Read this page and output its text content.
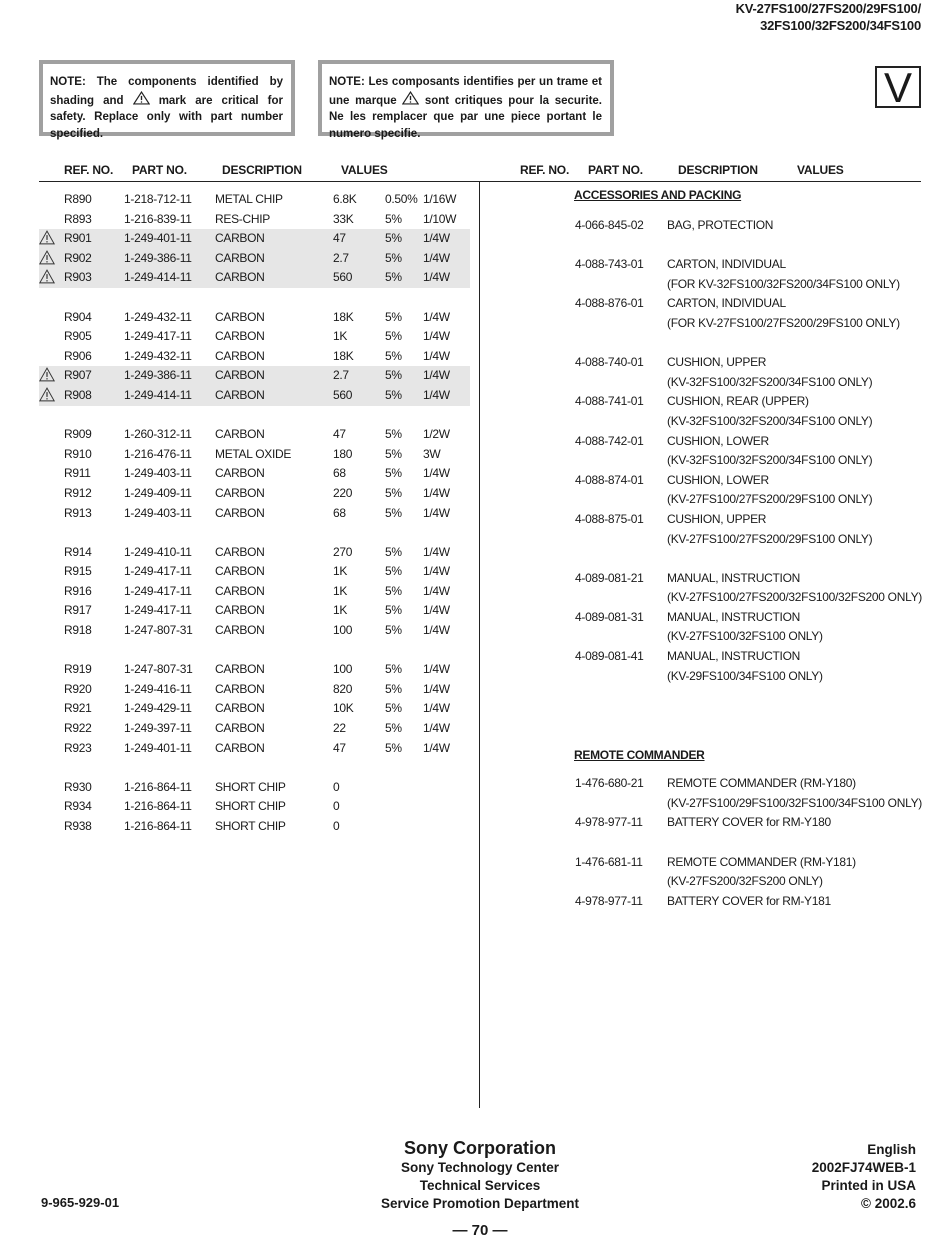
KV-27FS100/27FS200/29FS100/
32FS100/32FS200/34FS100
NOTE: The components identified by shading and  mark are critical for safety. Replace only with part number specified.
NOTE: Les composants identifies per un trame et une marque  sont critiques pour la securite. Ne les remplacer que par une piece portant le numero specifie.
V
REF. NO. PART NO.	DESCRIPTION	VALUES	REF. NO. PART NO.	DESCRIPTION	VALUES
R890	1-218-712-11 METAL CHIP	6.8K 0.50% 1/16W
R893	1-216-839-11 RES-CHIP	33K	5% 1/10W
R901	1-249-401-11 CARBON	47	5% 1/4W
R902	1-249-386-11 CARBON	2.7	5% 1/4W
R903	1-249-414-11 CARBON	560	5% 1/4W
R904	1-249-432-11 CARBON	18K	5% 1/4W
R905	1-249-417-11 CARBON	1K	5% 1/4W
R906	1-249-432-11 CARBON	18K	5% 1/4W
R907	1-249-386-11 CARBON	2.7	5% 1/4W
R908	1-249-414-11 CARBON	560	5% 1/4W
R909	1-260-312-11 CARBON	47	5% 1/2W
R910	1-216-476-11 METAL OXIDE	180	5% 3W
R911	1-249-403-11 CARBON	68	5% 1/4W
R912	1-249-409-11 CARBON	220	5% 1/4W
R913	1-249-403-11 CARBON	68	5% 1/4W
R914	1-249-410-11 CARBON	270	5% 1/4W
R915	1-249-417-11 CARBON	1K	5% 1/4W
R916	1-249-417-11 CARBON	1K	5% 1/4W
R917	1-249-417-11 CARBON	1K	5% 1/4W
R918	1-247-807-31 CARBON	100	5% 1/4W
R919	1-247-807-31 CARBON	100	5% 1/4W
R920	1-249-416-11 CARBON	820	5% 1/4W
R921	1-249-429-11 CARBON	10K	5% 1/4W
R922	1-249-397-11 CARBON	22	5% 1/4W
R923	1-249-401-11 CARBON	47	5% 1/4W
R930	1-216-864-11 SHORT CHIP	0
R934	1-216-864-11 SHORT CHIP	0
R938	1-216-864-11 SHORT CHIP	0
ACCESSORIES AND PACKING
4-066-845-02 BAG, PROTECTION
4-088-743-01 CARTON, INDIVIDUAL
(FOR KV-32FS100/32FS200/34FS100 ONLY)
4-088-876-01 CARTON, INDIVIDUAL
(FOR KV-27FS100/27FS200/29FS100 ONLY)
4-088-740-01 CUSHION, UPPER
(KV-32FS100/32FS200/34FS100 ONLY)
4-088-741-01 CUSHION, REAR (UPPER)
(KV-32FS100/32FS200/34FS100 ONLY)
4-088-742-01 CUSHION, LOWER
(KV-32FS100/32FS200/34FS100 ONLY)
4-088-874-01 CUSHION, LOWER
(KV-27FS100/27FS200/29FS100 ONLY)
4-088-875-01 CUSHION, UPPER
(KV-27FS100/27FS200/29FS100 ONLY)
4-089-081-21 MANUAL, INSTRUCTION
(KV-27FS100/27FS200/32FS100/32FS200 ONLY)
4-089-081-31 MANUAL, INSTRUCTION
(KV-27FS100/32FS100 ONLY)
4-089-081-41 MANUAL, INSTRUCTION
(KV-29FS100/34FS100 ONLY)
REMOTE COMMANDER
1-476-680-21 REMOTE COMMANDER (RM-Y180)
(KV-27FS100/29FS100/32FS100/34FS100 ONLY)
4-978-977-11 BATTERY COVER for RM-Y180
1-476-681-11 REMOTE COMMANDER (RM-Y181)
(KV-27FS200/32FS200 ONLY)
4-978-977-11 BATTERY COVER for RM-Y181
9-965-929-01
Sony Corporation
Sony Technology Center
Technical Services
Service Promotion Department
English
2002FJ74WEB-1
Printed in USA
© 2002.6
— 70 —
